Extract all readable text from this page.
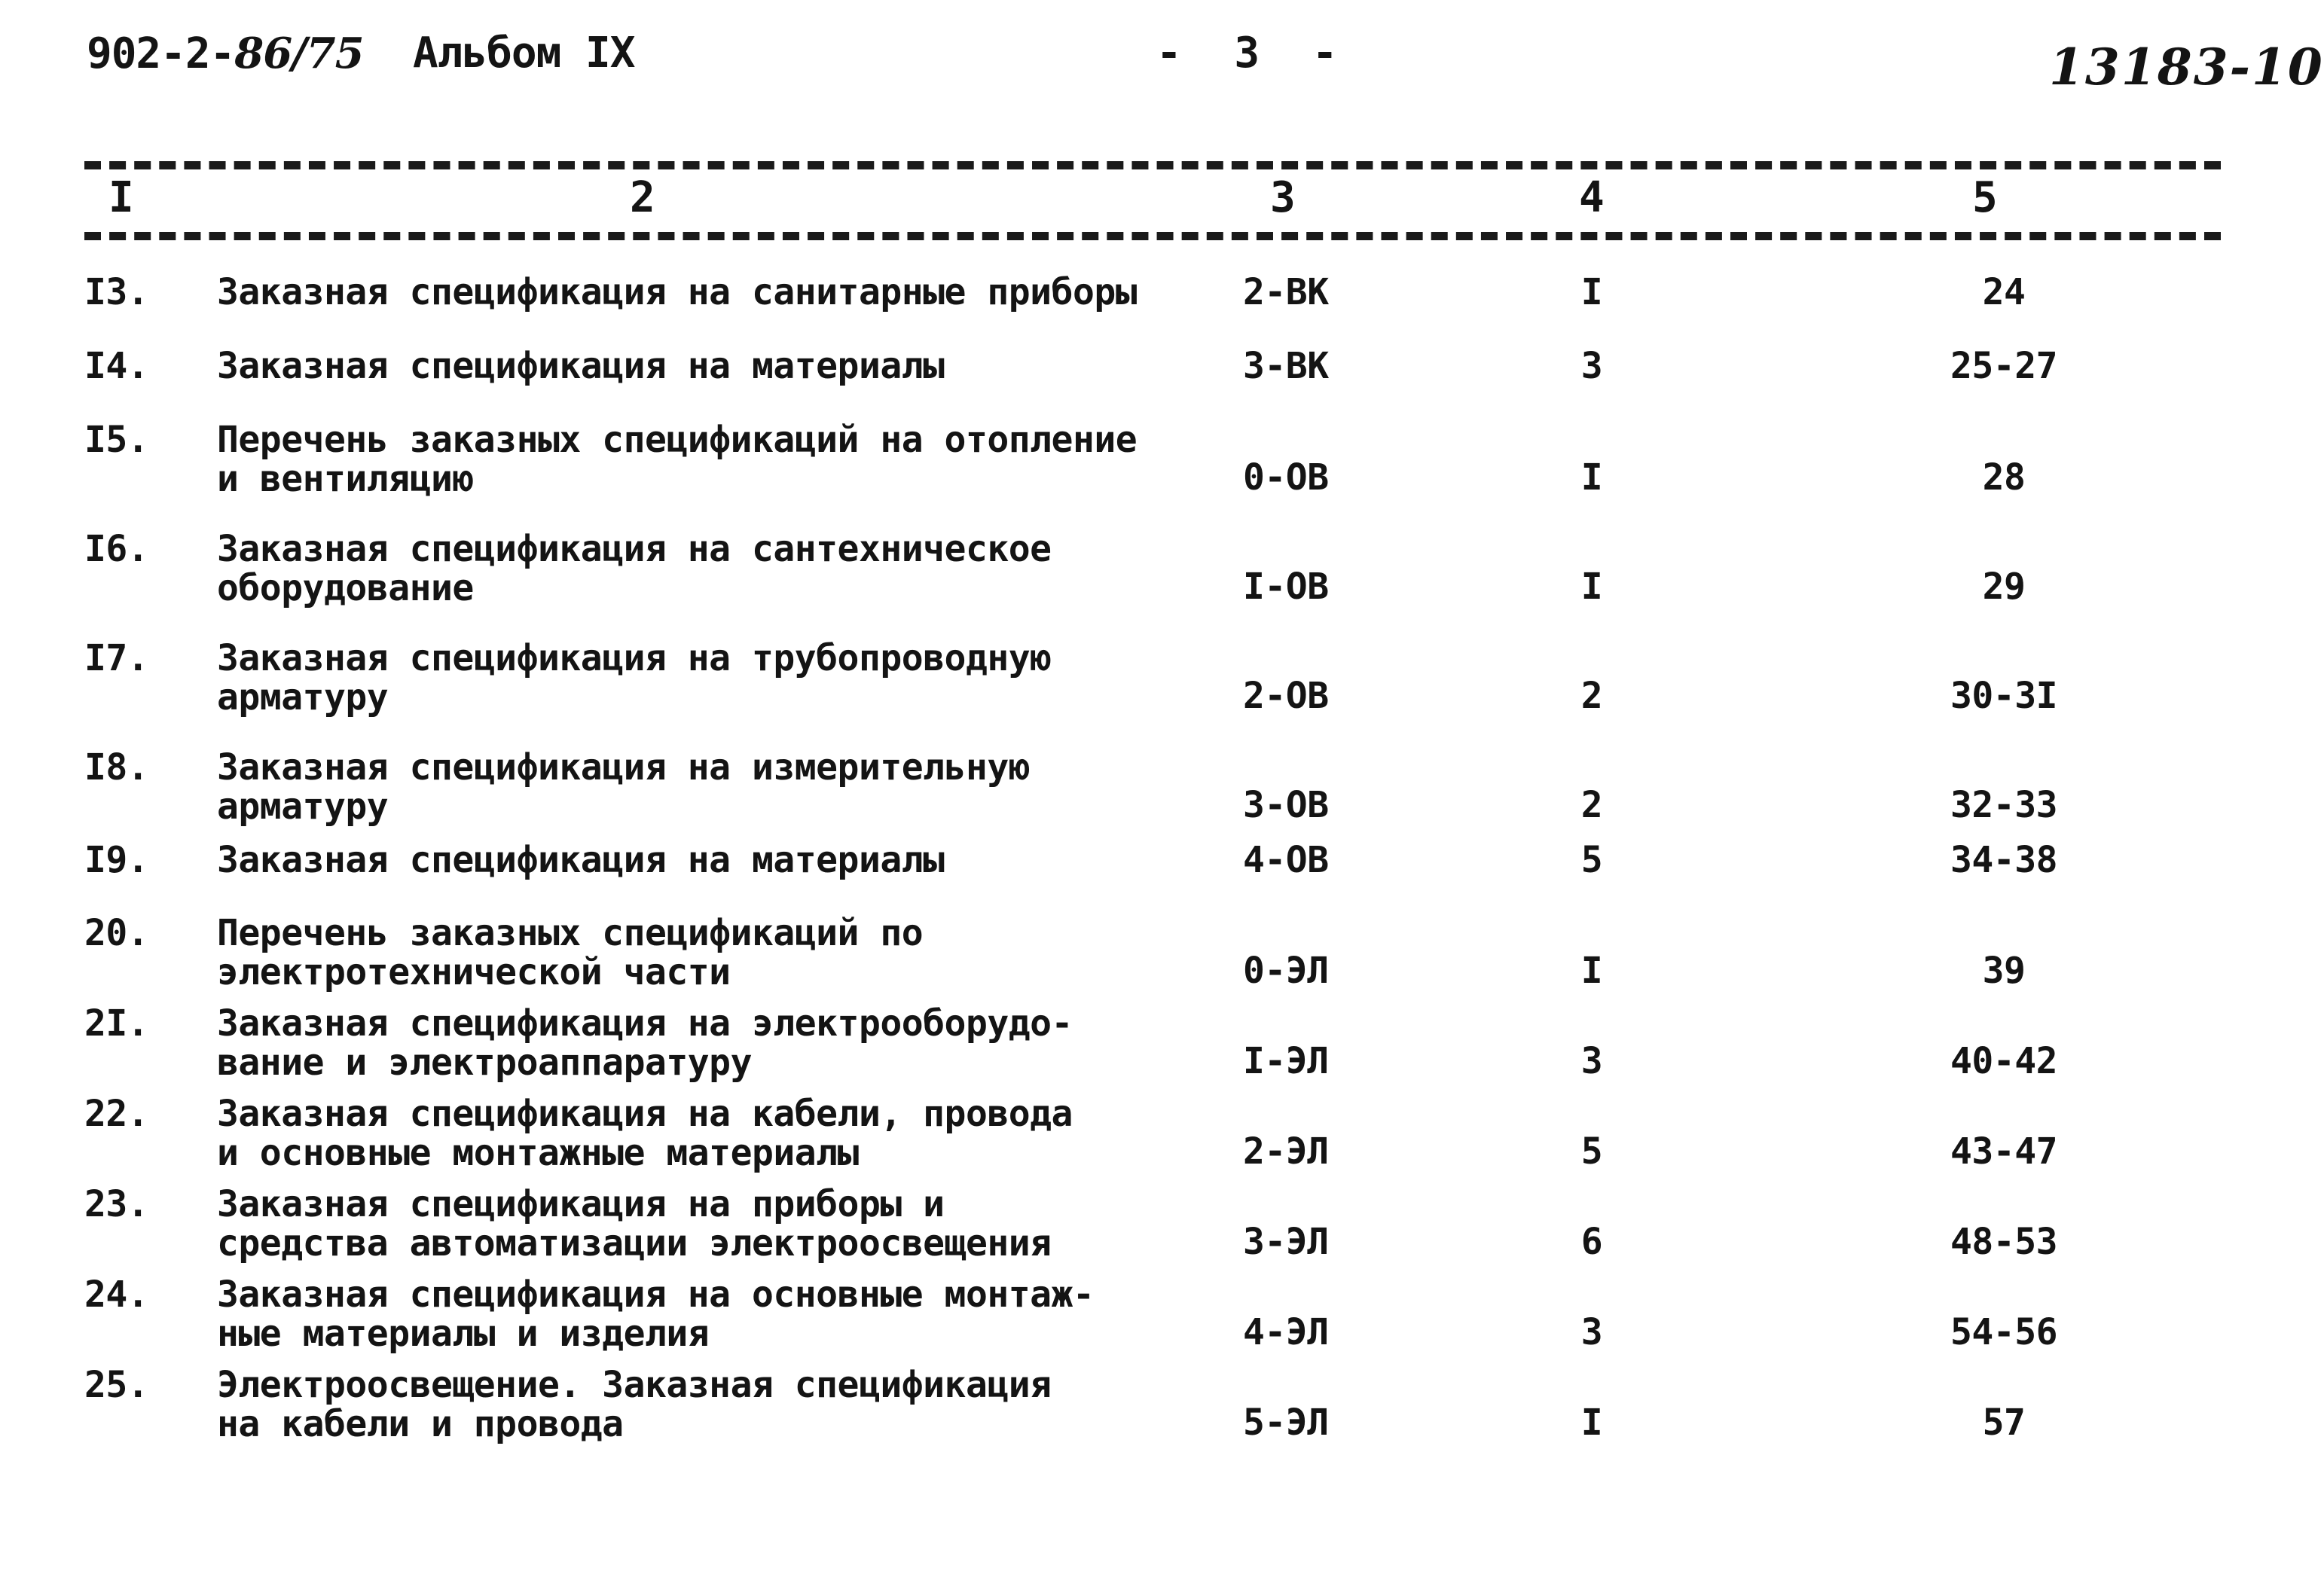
902-2-86/75 Альбом IX	- 3 -	13183-10
I	2	3	4	5
I3. Заказная спецификация на санитарные приборы	2-ВК	I	24
I4. Заказная спецификация на материалы	3-ВК	3	25-27
I5. Перечень заказных спецификаций на отопление
и вентиляцию	0-ОВ	I	28
I6. Заказная спецификация на сантехническое
оборудование	I-ОВ	I	29
I7. Заказная спецификация на трубопроводную
арматуру	2-ОВ	2	30-3I
I8. Заказная спецификация на измерительную
арматуру	3-ОВ	2	32-33
I9. Заказная спецификация на материалы	4-ОВ	5	34-38
20. Перечень заказных спецификаций по
электротехнической части	0-ЭЛ	I	39
2I. Заказная спецификация на электрооборудо-
вание и электроаппаратуру	I-ЭЛ	3	40-42
22. Заказная спецификация на кабели, провода
и основные монтажные материалы	2-ЭЛ	5	43-47
23. Заказная спецификация на приборы и
средства автоматизации электроосвещения	3-ЭЛ	6	48-53
24. Заказная спецификация на основные монтаж-
ные материалы и изделия	4-ЭЛ	3	54-56
25. Электроосвещение. Заказная спецификация
на кабели и провода	5-ЭЛ	I	57
